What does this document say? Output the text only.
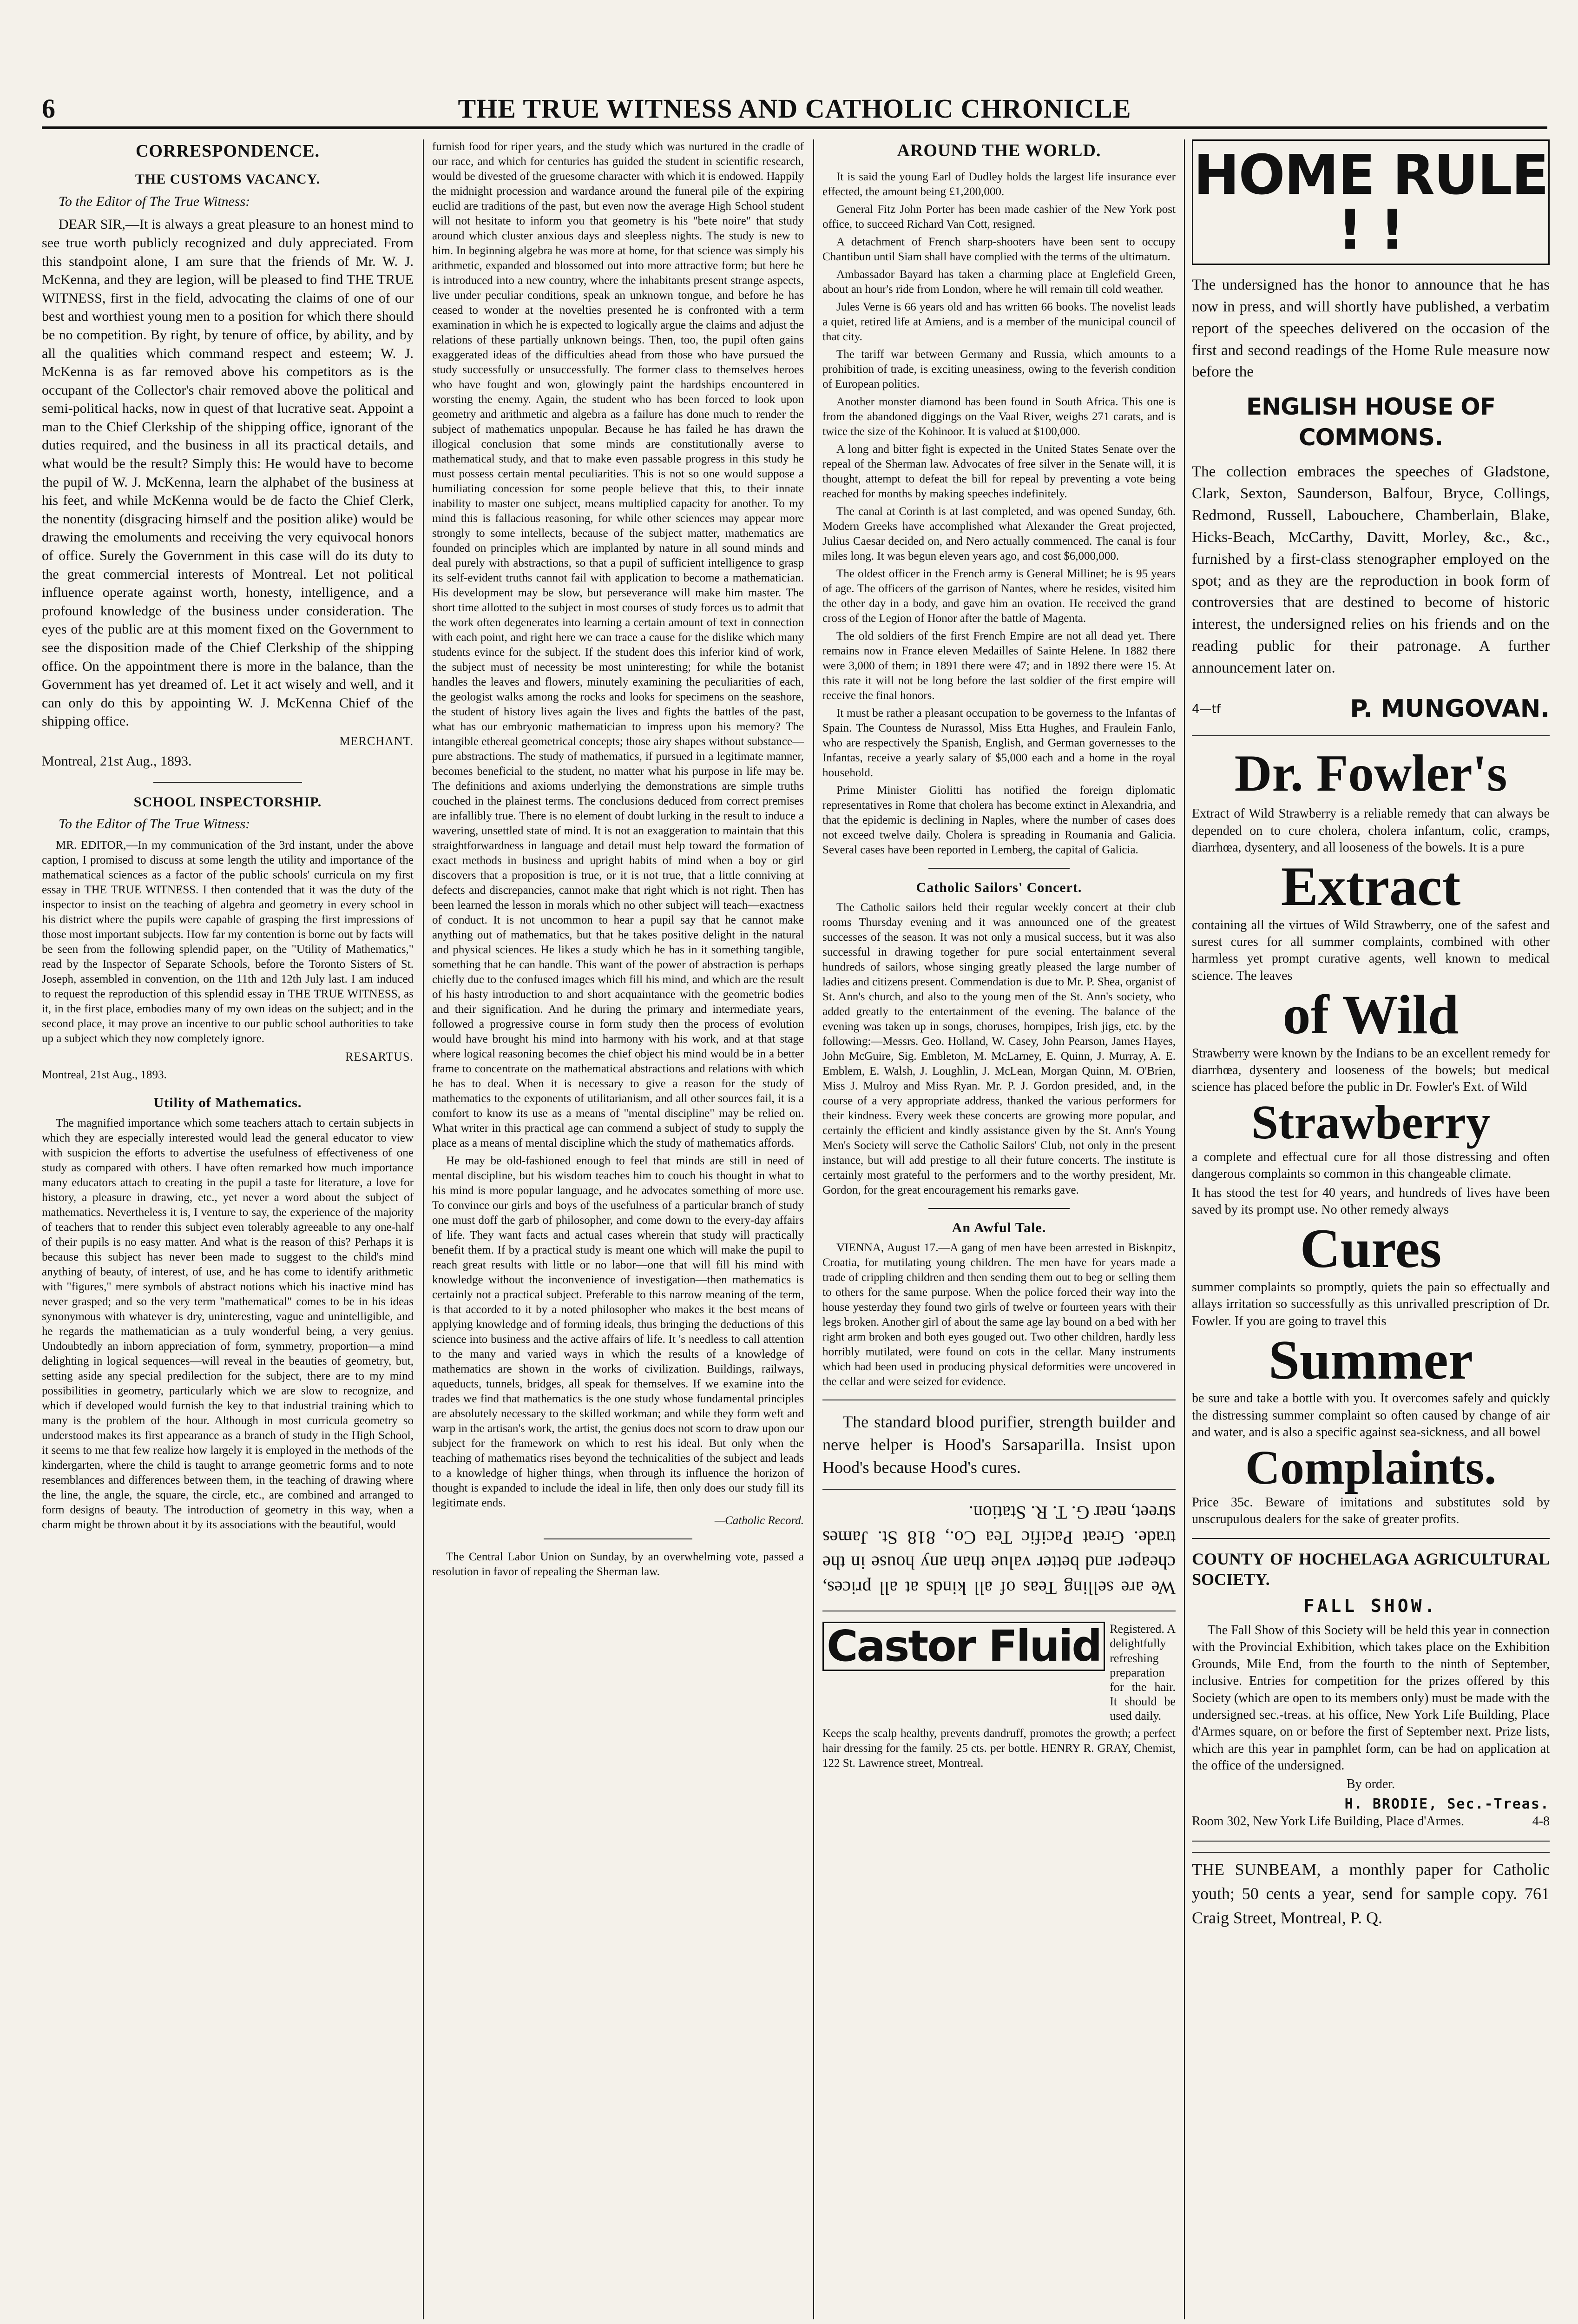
6	THE TRUE WITNESS AND CATHOLIC CHRONICLE
CORRESPONDENCE.
THE CUSTOMS VACANCY.

To the Editor of The True Witness:

DEAR SIR,—It is always a great pleasure to an honest mind to see true worth publicly recognized and duly appreciated. From this standpoint alone, I am sure that the friends of Mr. W. J. McKenna, and they are legion, will be pleased to find THE TRUE WITNESS, first in the field, advocating the claims of one of our best and worthiest young men to a position for which there should be no competition. By right, by tenure of office, by ability, and by all the qualities which command respect and esteem; W. J. McKenna is as far removed above his competitors as is the occupant of the Collector's chair removed above the political and semi-political hacks, now in quest of that lucrative seat. Appoint a man to the Chief Clerkship of the shipping office, ignorant of the duties required, and the business in all its practical details, and what would be the result? Simply this: He would have to become the pupil of W. J. McKenna, learn the alphabet of the business at his feet, and while McKenna would be de facto the Chief Clerk, the nonentity (disgracing himself and the position alike) would be drawing the emoluments and receiving the very equivocal honors of office. Surely the Government in this case will do its duty to the great commercial interests of Montreal. Let not political influence operate against worth, honesty, intelligence, and a profound knowledge of the business under consideration. The eyes of the public are at this moment fixed on the Government to see the disposition made of the Chief Clerkship of the shipping office. On the appointment there is more in the balance, than the Government has yet dreamed of. Let it act wisely and well, and it can only do this by appointing W. J. McKenna Chief of the shipping office.

MERCHANT.

Montreal, 21st Aug., 1893.

SCHOOL INSPECTORSHIP.

To the Editor of The True Witness:

MR. EDITOR,—In my communication of the 3rd instant, under the above caption, I promised to discuss at some length the utility and importance of the mathematical sciences as a factor of the public schools' curricula on my first essay in THE TRUE WITNESS. I then contended that it was the duty of the inspector to insist on the teaching of algebra and geometry in every school in his district where the pupils were capable of grasping the first impressions of those most important subjects. How far my contention is borne out by facts will be seen from the following splendid paper, on the "Utility of Mathematics," read by the Inspector of Separate Schools, before the Toronto Sisters of St. Joseph, assembled in convention, on the 11th and 12th July last. I am induced to request the reproduction of this splendid essay in THE TRUE WITNESS, as it, in the first place, embodies many of my own ideas on the subject; and in the second place, it may prove an incentive to our public school authorities to take up a subject which they now completely ignore.

RESARTUS.

Montreal, 21st Aug., 1893.

Utility of Mathematics.

The magnified importance which some teachers attach to certain subjects in which they are especially interested would lead the general educator to view with suspicion the efforts to advertise the usefulness of effectiveness of one study as compared with others. I have often remarked how much importance many educators attach to creating in the pupil a taste for literature, a love for history, a pleasure in drawing, etc., yet never a word about the subject of mathematics. Nevertheless it is, I venture to say, the experience of the majority of teachers that to render this subject even tolerably agreeable to any one-half of their pupils is no easy matter. And what is the reason of this? Perhaps it is because this subject has never been made to suggest to the child's mind anything of beauty, of interest, of use, and he has come to identify arithmetic with "figures," mere symbols of abstract notions which his inactive mind has never grasped; and so the very term "mathematical" comes to be in his ideas synonymous with whatever is dry, uninteresting, vague and unintelligible, and he regards the mathematician as a truly wonderful being, a very genius. Undoubtedly an inborn appreciation of form, symmetry, proportion—a mind delighting in logical sequences—will reveal in the beauties of geometry, but, setting aside any special predilection for the subject, there are to my mind possibilities in geometry, particularly which we are slow to recognize, and which if developed would furnish the key to that industrial training which to many is the problem of the hour. Although in most curricula geometry so understood makes its first appearance as a branch of study in the High School, it seems to me that few realize how largely it is employed in the methods of the kindergarten, where the child is taught to arrange geometric forms and to note resemblances and differences between them, in the teaching of drawing where the line, the angle, the square, the circle, etc., are combined and arranged to form designs of beauty. The introduction of geometry in this way, when a charm might be thrown about it by its associations with the beautiful, would

furnish food for riper years, and the study which was nurtured in the cradle of our race, and which for centuries has guided the student in scientific research, would be divested of the gruesome character with which it is endowed. Happily the midnight procession and wardance around the funeral pile of the expiring euclid are traditions of the past, but even now the average High School student will not hesitate to inform you that geometry is his "bete noire" that study around which cluster anxious days and sleepless nights. The study is new to him. In beginning algebra he was more at home, for that science was simply his arithmetic, expanded and blossomed out into more attractive form; but here he is introduced into a new country, where the inhabitants present strange aspects, live under peculiar conditions, speak an unknown tongue, and before he has ceased to wonder at the novelties presented he is confronted with a term examination in which he is expected to logically argue the claims and adjust the relations of these partially unknown beings. Then, too, the pupil often gains exaggerated ideas of the difficulties ahead from those who have pursued the study successfully or unsuccessfully. The former class to themselves heroes who have fought and won, glowingly paint the hardships encountered in worsting the enemy. Again, the student who has been forced to look upon geometry and arithmetic and algebra as a failure has done much to render the subject of mathematics unpopular. Because he has failed he has drawn the illogical conclusion that some minds are constitutionally averse to mathematical study, and that to make even passable progress in this study he must possess certain mental peculiarities. This is not so one would suppose a humiliating concession for some people believe that this, to their innate inability to master one subject, means multiplied capacity for another. To my mind this is fallacious reasoning, for while other sciences may appear more strongly to some intellects, because of the subject matter, mathematics are founded on principles which are implanted by nature in all sound minds and deal purely with abstractions, so that a pupil of sufficient intelligence to grasp its self-evident truths cannot fail with application to become a mathematician. His development may be slow, but perseverance will make him master. The short time allotted to the subject in most courses of study forces us to admit that the work often degenerates into learning a certain amount of text in connection with each point, and right here we can trace a cause for the dislike which many students evince for the subject. If the student does this inferior kind of work, the subject must of necessity be most uninteresting; for while the botanist handles the leaves and flowers, minutely examining the peculiarities of each, the geologist walks among the rocks and looks for specimens on the seashore, the student of history lives again the lives and fights the battles of the past, what has our embryonic mathematician to impress upon his memory? The intangible ethereal geometrical concepts; those airy shapes without substance—pure abstractions. The study of mathematics, if pursued in a legitimate manner, becomes beneficial to the student, no matter what his purpose in life may be. The definitions and axioms underlying the demonstrations are simple truths couched in the plainest terms. The conclusions deduced from correct premises are infallibly true. There is no element of doubt lurking in the result to induce a wavering, unsettled state of mind. It is not an exaggeration to maintain that this straightforwardness in language and detail must help toward the formation of exact methods in business and upright habits of mind when a boy or girl discovers that a proposition is true, or it is not true, that a little conniving at defects and discrepancies, cannot make that right which is not right. Then has been learned the lesson in morals which no other subject will teach—exactness of conduct. It is not uncommon to hear a pupil say that he cannot make anything out of mathematics, but that he takes positive delight in the natural and physical sciences. He likes a study which he has in it something tangible, something that he can handle. This want of the power of abstraction is perhaps chiefly due to the confused images which fill his mind, and which are the result of his hasty introduction to and short acquaintance with the geometric bodies and their signification. And he during the primary and intermediate years, followed a progressive course in form study then the process of evolution would have brought his mind into harmony with his work, and at that stage where logical reasoning becomes the chief object his mind would be in a better frame to concentrate on the mathematical abstractions and relations with which he has to deal. When it is necessary to give a reason for the study of mathematics to the exponents of utilitarianism, and all other sources fail, it is a comfort to know its use as a means of "mental discipline" may be relied on. What writer in this practical age can commend a subject of study to supply the place as a means of mental discipline which the study of mathematics affords.

He may be old-fashioned enough to feel that minds are still in need of mental discipline, but his wisdom teaches him to couch his thought in what to his mind is more popular language, and he advocates something of more use. To convince our girls and boys of the usefulness of a particular branch of study one must doff the garb of philosopher, and come down to the every-day affairs of life. They want facts and actual cases wherein that study will practically benefit them. If by a practical study is meant one which will make the pupil to reach great results with little or no labor—one that will fill his mind with knowledge without the inconvenience of investigation—then mathematics is certainly not a practical subject. Preferable to this narrow meaning of the term, is that accorded to it by a noted philosopher who makes it the best means of applying knowledge and of forming ideals, thus bringing the deductions of this science into business and the active affairs of life. It 's needless to call attention to the many and varied ways in which the results of a knowledge of mathematics are shown in the works of civilization. Buildings, railways, aqueducts, tunnels, bridges, all speak for themselves. If we examine into the trades we find that mathematics is the one study whose fundamental principles are absolutely necessary to the skilled workman; and while they form weft and warp in the artisan's work, the artist, the genius does not scorn to draw upon our subject for the framework on which to rest his ideal. But only when the teaching of mathematics rises beyond the technicalities of the subject and leads to a knowledge of higher things, when through its influence the horizon of thought is expanded to include the ideal in life, then only does our study fill its legitimate ends.

—Catholic Record.

The Central Labor Union on Sunday, by an overwhelming vote, passed a resolution in favor of repealing the Sherman law.

AROUND THE WORLD.

It is said the young Earl of Dudley holds the largest life insurance ever effected, the amount being £1,200,000.

General Fitz John Porter has been made cashier of the New York post office, to succeed Richard Van Cott, resigned.

A detachment of French sharp-shooters have been sent to occupy Chantibun until Siam shall have complied with the terms of the ultimatum.

Ambassador Bayard has taken a charming place at Englefield Green, about an hour's ride from London, where he will remain till cold weather.

Jules Verne is 66 years old and has written 66 books. The novelist leads a quiet, retired life at Amiens, and is a member of the municipal council of that city.

The tariff war between Germany and Russia, which amounts to a prohibition of trade, is exciting uneasiness, owing to the feverish condition of European politics.

Another monster diamond has been found in South Africa. This one is from the abandoned diggings on the Vaal River, weighs 271 carats, and is twice the size of the Kohinoor. It is valued at $100,000.

A long and bitter fight is expected in the United States Senate over the repeal of the Sherman law. Advocates of free silver in the Senate will, it is thought, attempt to defeat the bill for repeal by preventing a vote being reached for months by making speeches indefinitely.

The canal at Corinth is at last completed, and was opened Sunday, 6th. Modern Greeks have accomplished what Alexander the Great projected, Julius Caesar decided on, and Nero actually commenced. The canal is four miles long. It was begun eleven years ago, and cost $6,000,000.

The oldest officer in the French army is General Millinet; he is 95 years of age. The officers of the garrison of Nantes, where he resides, visited him the other day in a body, and gave him an ovation. He received the grand cross of the Legion of Honor after the battle of Magenta.

The old soldiers of the first French Empire are not all dead yet. There remains now in France eleven Medailles of Sainte Helene. In 1882 there were 3,000 of them; in 1891 there were 47; and in 1892 there were 15. At this rate it will not be long before the last soldier of the first empire will receive the final honors.

It must be rather a pleasant occupation to be governess to the Infantas of Spain. The Countess de Nurassol, Miss Etta Hughes, and Fraulein Fanlo, who are respectively the Spanish, English, and German governesses to the Infantas, receive a yearly salary of $5,000 each and a home in the royal household.

Prime Minister Giolitti has notified the foreign diplomatic representatives in Rome that cholera has become extinct in Alexandria, and that the epidemic is declining in Naples, where the number of cases does not exceed twelve daily. Cholera is spreading in Roumania and Galicia. Several cases have been reported in Lemberg, the capital of Galicia.

Catholic Sailors' Concert.

The Catholic sailors held their regular weekly concert at their club rooms Thursday evening and it was announced one of the greatest successes of the season. It was not only a musical success, but it was also successful in drawing together for pure social entertainment several hundreds of sailors, whose singing greatly pleased the large number of ladies and citizens present. Commendation is due to Mr. P. Shea, organist of St. Ann's church, and also to the young men of the St. Ann's society, who added greatly to the entertainment of the evening. The balance of the evening was taken up in songs, choruses, hornpipes, Irish jigs, etc. by the following:—Messrs. Geo. Holland, W. Casey, John Pearson, James Hayes, John McGuire, Sig. Embleton, M. McLarney, E. Quinn, J. Murray, A. E. Emblem, E. Walsh, J. Loughlin, J. McLean, Morgan Quinn, M. O'Brien, Miss J. Mulroy and Miss Ryan. Mr. P. J. Gordon presided, and, in the course of a very appropriate address, thanked the various performers for their kindness. Every week these concerts are growing more popular, and certainly the efficient and kindly assistance given by the St. Ann's Young Men's Society will serve the Catholic Sailors' Club, not only in the present instance, but will add prestige to all their future concerts. The institute is certainly most grateful to the performers and to the worthy president, Mr. Gordon, for the great encouragement his remarks gave.

An Awful Tale.

VIENNA, August 17.—A gang of men have been arrested in Bisknpitz, Croatia, for mutilating young children. The men have for years made a trade of crippling children and then sending them out to beg or selling them to others for the same purpose. When the police forced their way into the house yesterday they found two girls of twelve or fourteen years with their legs broken. Another girl of about the same age lay bound on a bed with her right arm broken and both eyes gouged out. Two other children, hardly less horribly mutilated, were found on cots in the cellar. Many instruments which had been used in producing physical deformities were uncovered in the cellar and were seized for evidence.

The standard blood purifier, strength builder and nerve helper is Hood's Sarsaparilla. Insist upon Hood's because Hood's cures.

We are selling Teas of all kinds at all prices, cheaper and better value than any house in the trade. Great Pacific Tea Co., 818 St. James street, near G. T. R. Station.

Castor Fluid Registered. A delightfully refreshing preparation for the hair. It should be used daily.

Keeps the scalp healthy, prevents dandruff, promotes the growth; a perfect hair dressing for the family. 25 cts. per bottle. HENRY R. GRAY, Chemist, 122 St. Lawrence street, Montreal.

HOME RULE ! !

The undersigned has the honor to announce that he has now in press, and will shortly have published, a verbatim report of the speeches delivered on the occasion of the first and second readings of the Home Rule measure now before the

ENGLISH HOUSE OF COMMONS.

The collection embraces the speeches of Gladstone, Clark, Sexton, Saunderson, Balfour, Bryce, Collings, Redmond, Russell, Labouchere, Chamberlain, Blake, Hicks-Beach, McCarthy, Davitt, Morley, &c., &c., furnished by a first-class stenographer employed on the spot; and as they are the reproduction in book form of controversies that are destined to become of historic interest, the undersigned relies on his friends and on the reading public for their patronage. A further announcement later on.

4—tf	P. MUNGOVAN.
Dr. Fowler's

Extract of Wild Strawberry is a reliable remedy that can always be depended on to cure cholera, cholera infantum, colic, cramps, diarrhœa, dysentery, and all looseness of the bowels. It is a pure

Extract

containing all the virtues of Wild Strawberry, one of the safest and surest cures for all summer complaints, combined with other harmless yet prompt curative agents, well known to medical science. The leaves

of Wild

Strawberry were known by the Indians to be an excellent remedy for diarrhœa, dysentery and looseness of the bowels; but medical science has placed before the public in Dr. Fowler's Ext. of Wild

Strawberry

a complete and effectual cure for all those distressing and often dangerous complaints so common in this changeable climate.

It has stood the test for 40 years, and hundreds of lives have been saved by its prompt use. No other remedy always

Cures

summer complaints so promptly, quiets the pain so effectually and allays irritation so successfully as this unrivalled prescription of Dr. Fowler. If you are going to travel this

Summer

be sure and take a bottle with you. It overcomes safely and quickly the distressing summer complaint so often caused by change of air and water, and is also a specific against sea-sickness, and all bowel

Complaints.

Price 35c. Beware of imitations and substitutes sold by unscrupulous dealers for the sake of greater profits.

COUNTY OF HOCHELAGA AGRICULTURAL SOCIETY.
FALL SHOW.

The Fall Show of this Society will be held this year in connection with the Provincial Exhibition, which takes place on the Exhibition Grounds, Mile End, from the fourth to the ninth of September, inclusive. Entries for competition for the prizes offered by this Society (which are open to its members only) must be made with the undersigned sec.-treas. at his office, New York Life Building, Place d'Armes square, on or before the first of September next. Prize lists, which are this year in pamphlet form, can be had on application at the office of the undersigned.

By order.

H. BRODIE, Sec.-Treas.

Room 302, New York Life Building, Place d'Armes.	4-8

THE SUNBEAM, a monthly paper for Catholic youth; 50 cents a year, send for sample copy. 761 Craig Street, Montreal, P. Q.
